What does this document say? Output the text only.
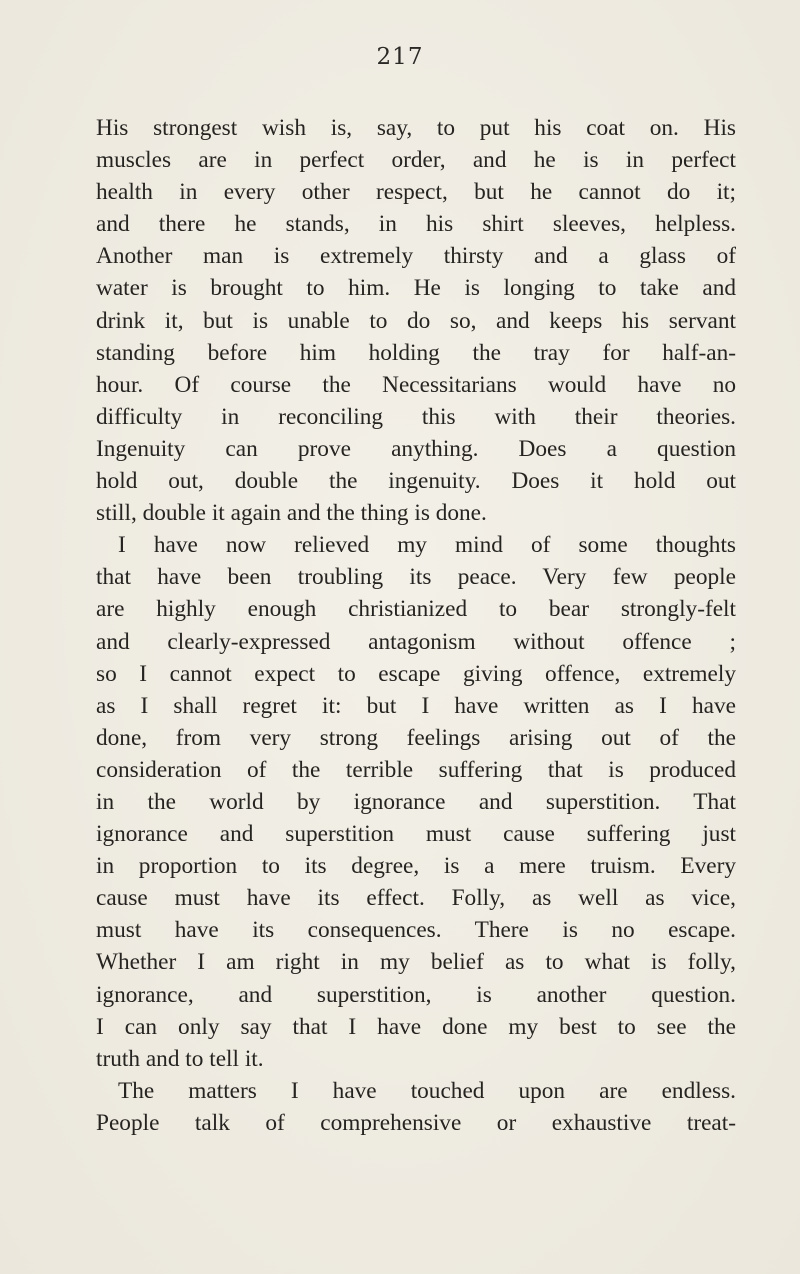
217
His strongest wish is, say, to put his coat on. His
muscles are in perfect order, and he is in perfect
health in every other respect, but he cannot do it;
and there he stands, in his shirt sleeves, helpless.
Another man is extremely thirsty and a glass of
water is brought to him. He is longing to take and
drink it, but is unable to do so, and keeps his servant
standing before him holding the tray for half-an-
hour. Of course the Necessitarians would have no
difficulty in reconciling this with their theories.
Ingenuity can prove anything. Does a question
hold out, double the ingenuity. Does it hold out
still, double it again and the thing is done.
I have now relieved my mind of some thoughts
that have been troubling its peace. Very few people
are highly enough christianized to bear strongly-felt
and clearly-expressed antagonism without offence ;
so I cannot expect to escape giving offence, extremely
as I shall regret it: but I have written as I have
done, from very strong feelings arising out of the
consideration of the terrible suffering that is produced
in the world by ignorance and superstition. That
ignorance and superstition must cause suffering just
in proportion to its degree, is a mere truism. Every
cause must have its effect. Folly, as well as vice,
must have its consequences. There is no escape.
Whether I am right in my belief as to what is folly,
ignorance, and superstition, is another question.
I can only say that I have done my best to see the
truth and to tell it.
The matters I have touched upon are endless.
People talk of comprehensive or exhaustive treat-
